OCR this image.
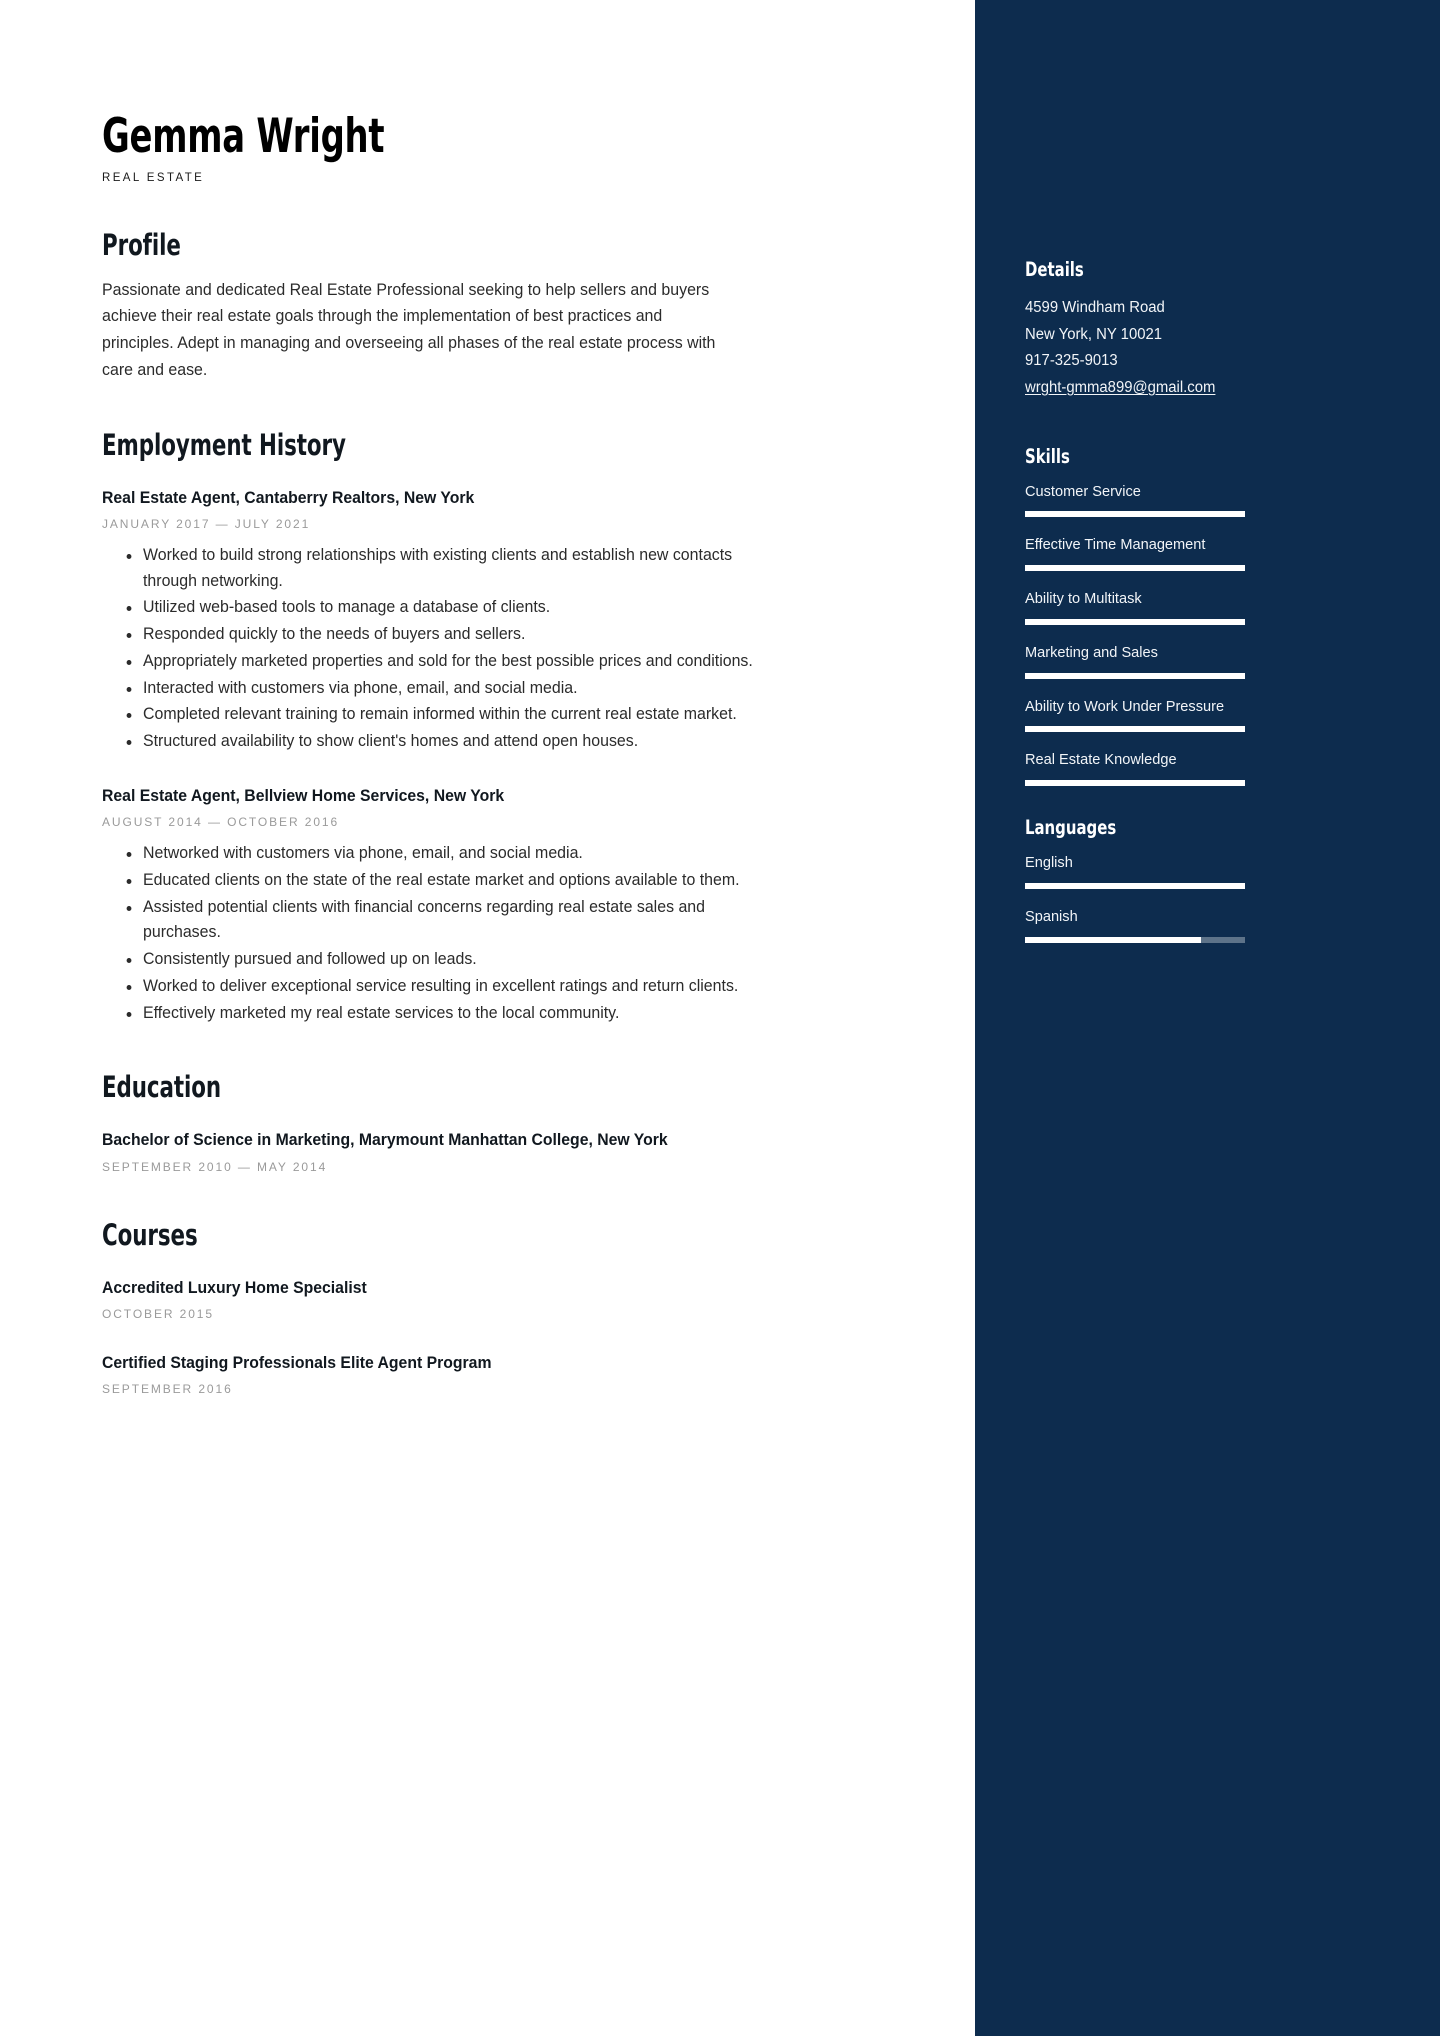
Gemma Wright
REAL ESTATE
Profile
Passionate and dedicated Real Estate Professional seeking to help sellers and buyers achieve their real estate goals through the implementation of best practices and principles. Adept in managing and overseeing all phases of the real estate process with care and ease.
Employment History
Real Estate Agent, Cantaberry Realtors, New York
JANUARY 2017 — JULY 2021
Worked to build strong relationships with existing clients and establish new contacts through networking.
Utilized web-based tools to manage a database of clients.
Responded quickly to the needs of buyers and sellers.
Appropriately marketed properties and sold for the best possible prices and conditions.
Interacted with customers via phone, email, and social media.
Completed relevant training to remain informed within the current real estate market.
Structured availability to show client's homes and attend open houses.
Real Estate Agent, Bellview Home Services, New York
AUGUST 2014 — OCTOBER 2016
Networked with customers via phone, email, and social media.
Educated clients on the state of the real estate market and options available to them.
Assisted potential clients with financial concerns regarding real estate sales and purchases.
Consistently pursued and followed up on leads.
Worked to deliver exceptional service resulting in excellent ratings and return clients.
Effectively marketed my real estate services to the local community.
Education
Bachelor of Science in Marketing, Marymount Manhattan College, New York
SEPTEMBER 2010 — MAY 2014
Courses
Accredited Luxury Home Specialist
OCTOBER 2015
Certified Staging Professionals Elite Agent Program
SEPTEMBER 2016
Details
4599 Windham Road
New York, NY 10021
917-325-9013
wrght-gmma899@gmail.com
Skills
Customer Service
Effective Time Management
Ability to Multitask
Marketing and Sales
Ability to Work Under Pressure
Real Estate Knowledge
Languages
English
Spanish
